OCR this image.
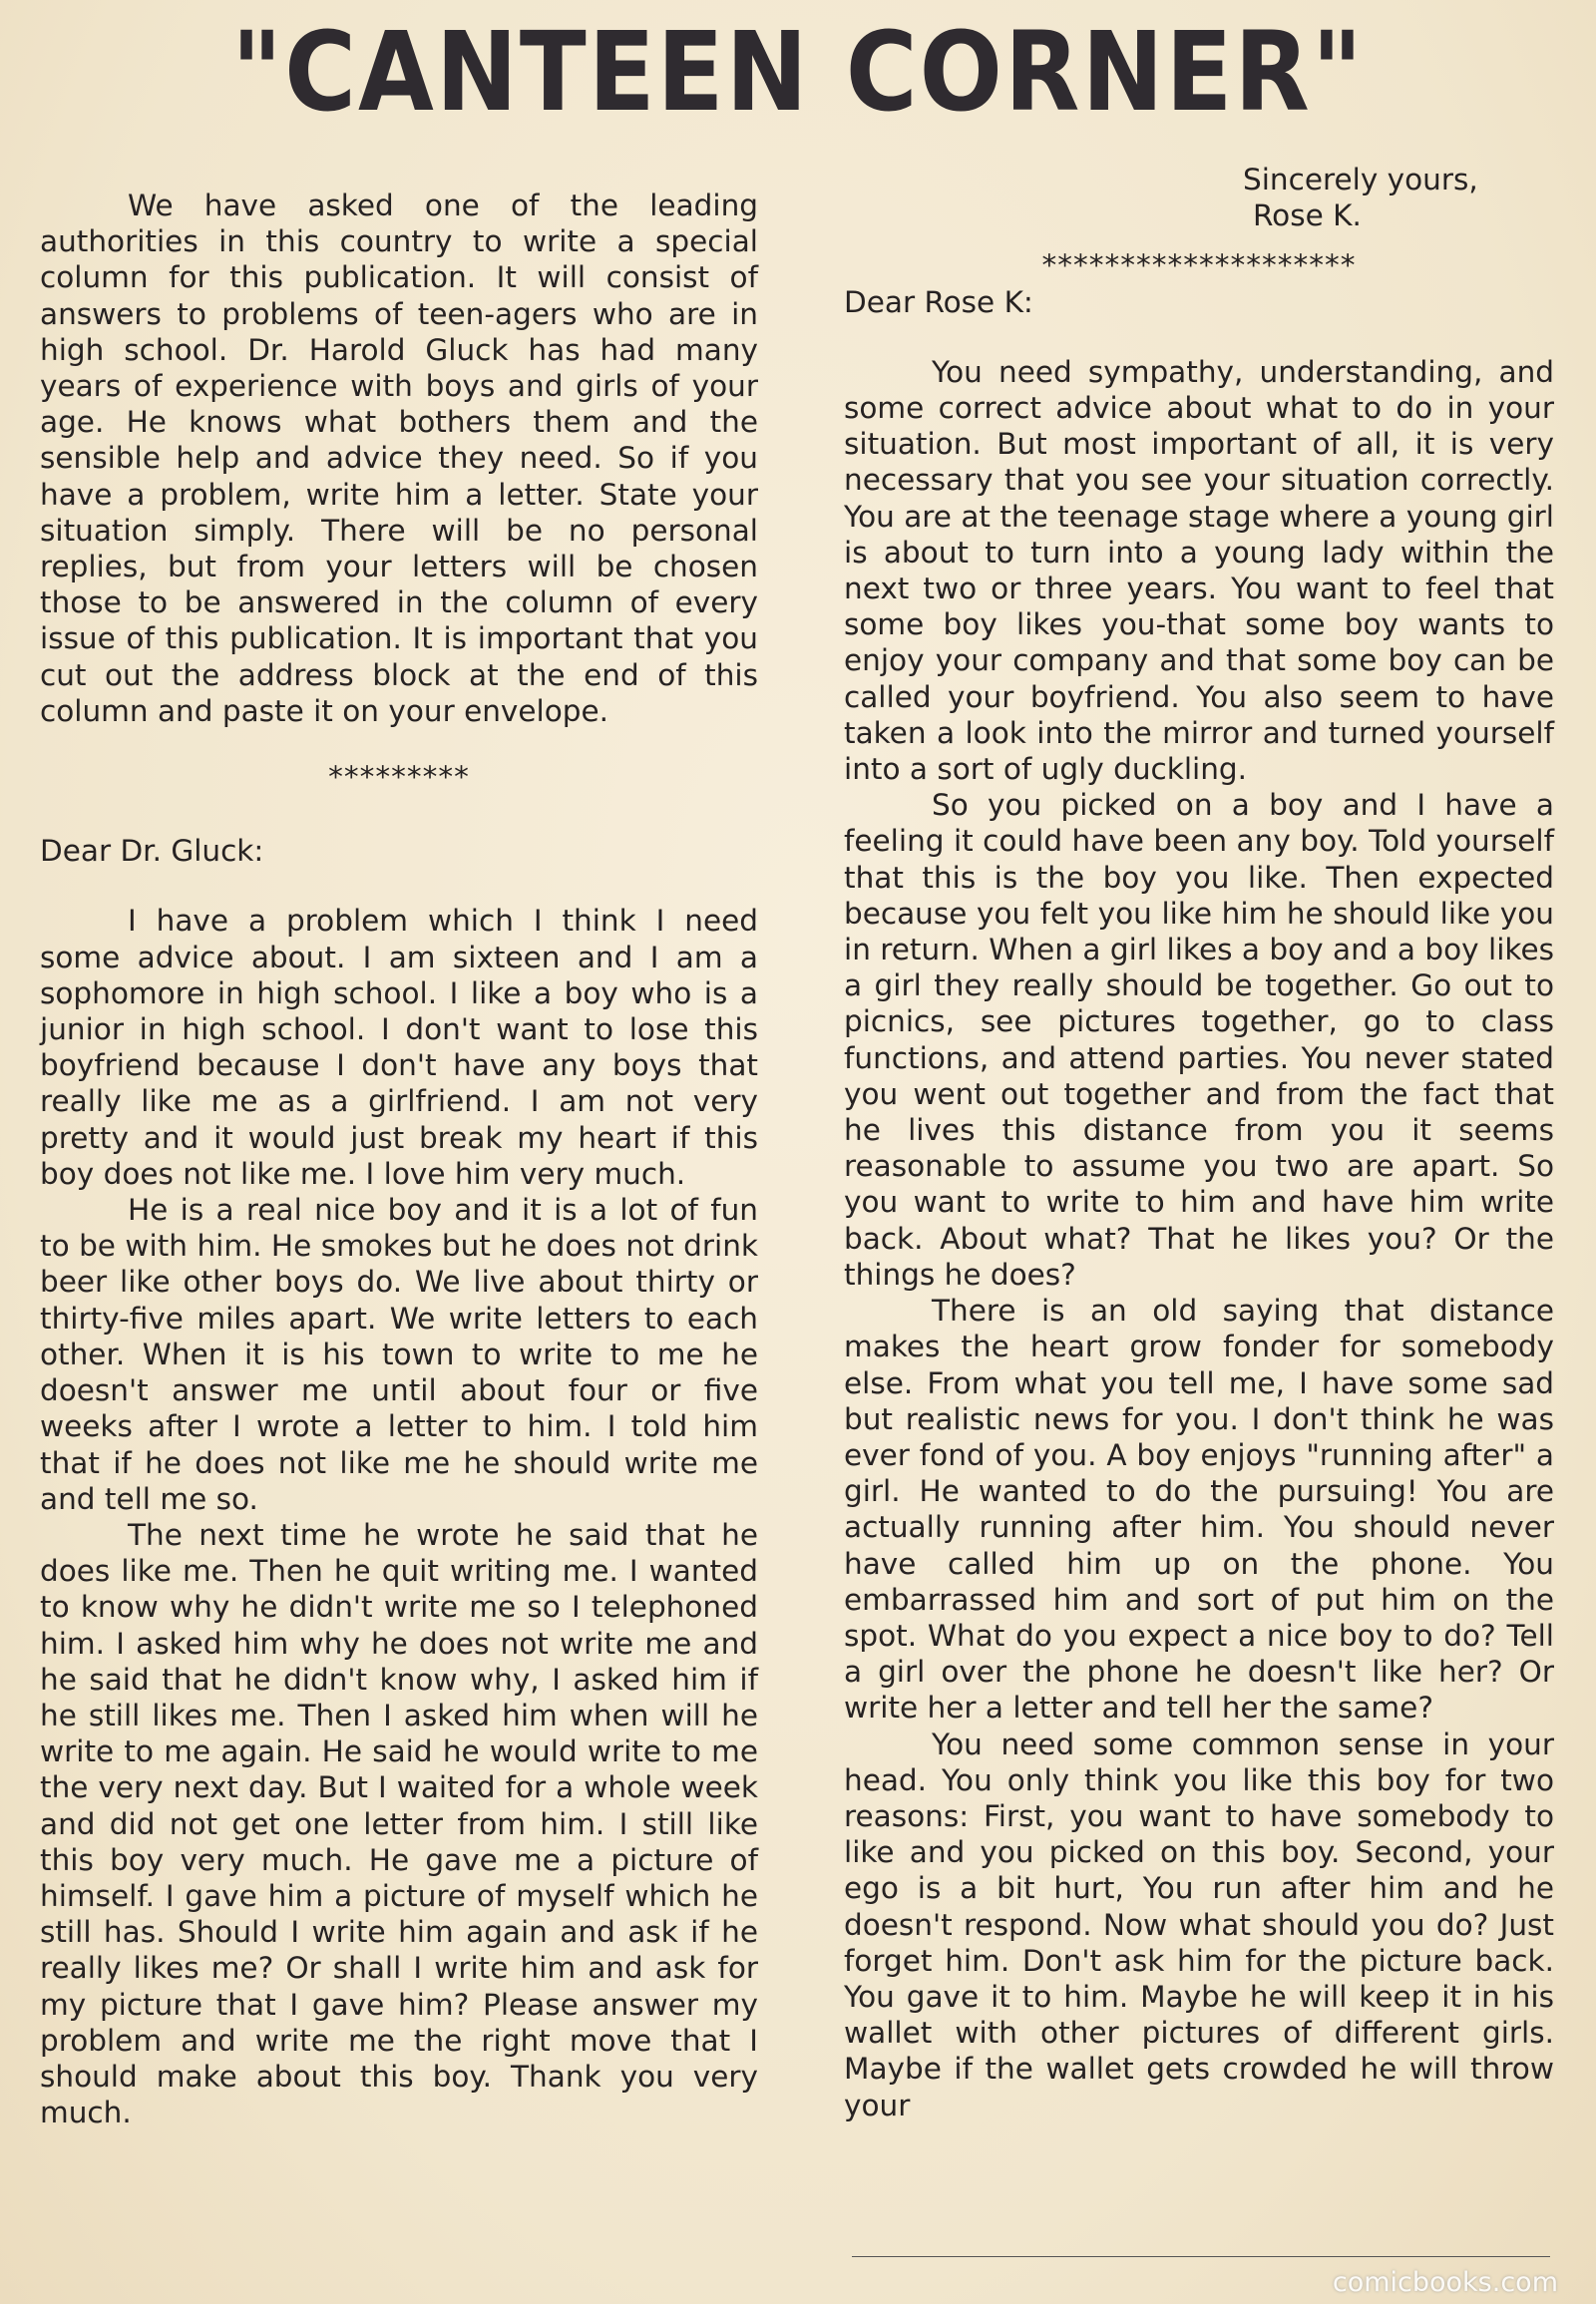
"CANTEEN CORNER"

We have asked one of the leading authorities in this country to write a special column for this publication. It will consist of answers to problems of teen-agers who are in high school. Dr. Harold Gluck has had many years of experience with boys and girls of your age. He knows what bothers them and the sensible help and advice they need. So if you have a problem, write him a letter. State your situation simply. There will be no personal replies, but from your letters will be chosen those to be answered in the column of every issue of this publication. It is important that you cut out the address block at the end of this column and paste it on your envelope.

*********

Dear Dr. Gluck:

I have a problem which I think I need some advice about. I am sixteen and I am a sophomore in high school. I like a boy who is a junior in high school. I don't want to lose this boyfriend because I don't have any boys that really like me as a girlfriend. I am not very pretty and it would just break my heart if this boy does not like me. I love him very much.

He is a real nice boy and it is a lot of fun to be with him. He smokes but he does not drink beer like other boys do. We live about thirty or thirty-five miles apart. We write letters to each other. When it is his town to write to me he doesn't answer me until about four or five weeks after I wrote a letter to him. I told him that if he does not like me he should write me and tell me so.

The next time he wrote he said that he does like me. Then he quit writing me. I wanted to know why he didn't write me so I telephoned him. I asked him why he does not write me and he said that he didn't know why, I asked him if he still likes me. Then I asked him when will he write to me again. He said he would write to me the very next day. But I waited for a whole week and did not get one letter from him. I still like this boy very much. He gave me a picture of himself. I gave him a picture of myself which he still has. Should I write him again and ask if he really likes me? Or shall I write him and ask for my picture that I gave him? Please answer my problem and write me the right move that I should make about this boy. Thank you very much.

Sincerely yours,

Rose K.

********************

Dear Rose K:

You need sympathy, understanding, and some correct advice about what to do in your situation. But most important of all, it is very necessary that you see your situation correctly. You are at the teenage stage where a young girl is about to turn into a young lady within the next two or three years. You want to feel that some boy likes you-that some boy wants to enjoy your company and that some boy can be called your boyfriend. You also seem to have taken a look into the mirror and turned yourself into a sort of ugly duckling.

So you picked on a boy and I have a feeling it could have been any boy. Told yourself that this is the boy you like. Then expected because you felt you like him he should like you in return. When a girl likes a boy and a boy likes a girl they really should be together. Go out to picnics, see pictures together, go to class functions, and attend parties. You never stated you went out together and from the fact that he lives this distance from you it seems reasonable to assume you two are apart. So you want to write to him and have him write back. About what? That he likes you? Or the things he does?

There is an old saying that distance makes the heart grow fonder for somebody else. From what you tell me, I have some sad but realistic news for you. I don't think he was ever fond of you. A boy enjoys "running after" a girl. He wanted to do the pursuing! You are actually running after him. You should never have called him up on the phone. You embarrassed him and sort of put him on the spot. What do you expect a nice boy to do? Tell a girl over the phone he doesn't like her? Or write her a letter and tell her the same?

You need some common sense in your head. You only think you like this boy for two reasons: First, you want to have somebody to like and you picked on this boy. Second, your ego is a bit hurt, You run after him and he doesn't respond. Now what should you do? Just forget him. Don't ask him for the picture back. You gave it to him. Maybe he will keep it in his wallet with other pictures of different girls. Maybe if the wallet gets crowded he will throw your

comicbooks.com
